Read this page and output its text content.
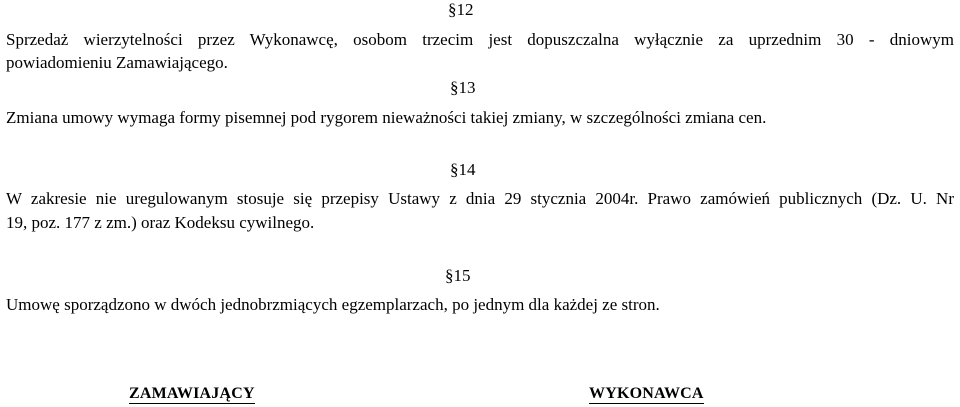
§12
Sprzedaż wierzytelności przez Wykonawcę, osobom trzecim jest dopuszczalna wyłącznie za uprzednim 30 - dniowym
powiadomieniu Zamawiającego.
§13
Zmiana umowy wymaga formy pisemnej pod rygorem nieważności takiej zmiany, w szczególności zmiana cen.
§14
W zakresie nie uregulowanym stosuje się przepisy Ustawy z dnia 29 stycznia 2004r. Prawo zamówień publicznych (Dz. U. Nr
19, poz. 177 z zm.) oraz Kodeksu cywilnego.
§15
Umowę sporządzono w dwóch jednobrzmiących egzemplarzach, po jednym dla każdej ze stron.
ZAMAWIAJĄCY	WYKONAWCA
